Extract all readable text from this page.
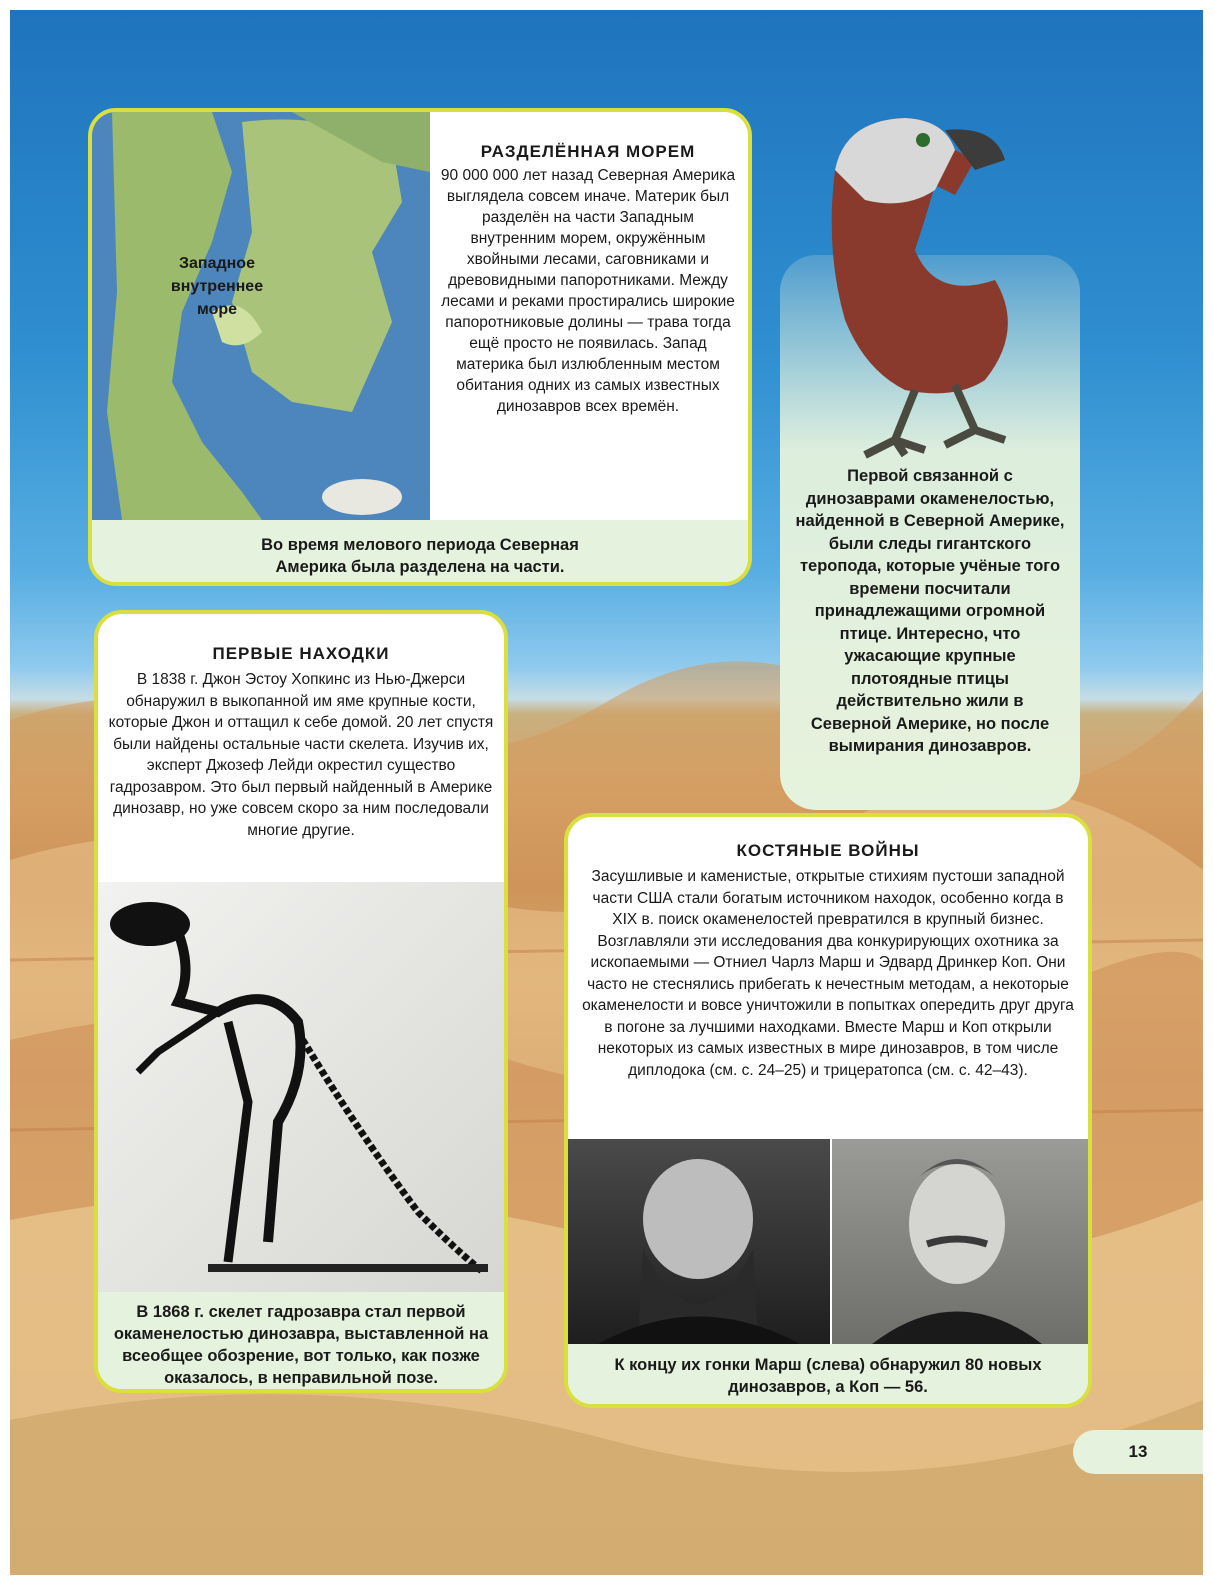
Западное внутреннее море

РАЗДЕЛЁННАЯ МОРЕМ

90 000 000 лет назад Северная Америка выглядела совсем иначе. Материк был разделён на части Западным внутренним морем, окружённым хвойными лесами, саговниками и древовидными папоротниками. Между лесами и реками простирались широкие папоротниковые долины — трава тогда ещё просто не появилась. Запад материка был излюбленным местом обитания одних из самых известных динозавров всех времён.

Во время мелового периода Северная Америка была разделена на части.
Первой связанной с динозаврами окаменелостью, найденной в Северной Америке, были следы гигантского теропода, которые учёные того времени посчитали принадлежащими огромной птице. Интересно, что ужасающие крупные плотоядные птицы действительно жили в Северной Америке, но после вымирания динозавров.

ПЕРВЫЕ НАХОДКИ

В 1838 г. Джон Эстоу Хопкинс из Нью-Джерси обнаружил в выкопанной им яме крупные кости, которые Джон и оттащил к себе домой. 20 лет спустя были найдены остальные части скелета. Изучив их, эксперт Джозеф Лейди окрестил существо гадрозавром. Это был первый найденный в Америке динозавр, но уже совсем скоро за ним последовали многие другие.

В 1868 г. скелет гадрозавра стал первой окаменелостью динозавра, выставленной на всеобщее обозрение, вот только, как позже оказалось, в неправильной позе.

КОСТЯНЫЕ ВОЙНЫ

Засушливые и каменистые, открытые стихиям пустоши западной части США стали богатым источником находок, особенно когда в XIX в. поиск окаменелостей превратился в крупный бизнес. Возглавляли эти исследования два конкурирующих охотника за ископаемыми — Отниел Чарлз Марш и Эдвард Дринкер Коп. Они часто не стеснялись прибегать к нечестным методам, а некоторые окаменелости и вовсе уничтожили в попытках опередить друг друга в погоне за лучшими находками. Вместе Марш и Коп открыли некоторых из самых известных в мире динозавров, в том числе диплодока (см. с. 24–25) и трицератопса (см. с. 42–43).

К концу их гонки Марш (слева) обнаружил 80 новых динозавров, а Коп — 56.
13
